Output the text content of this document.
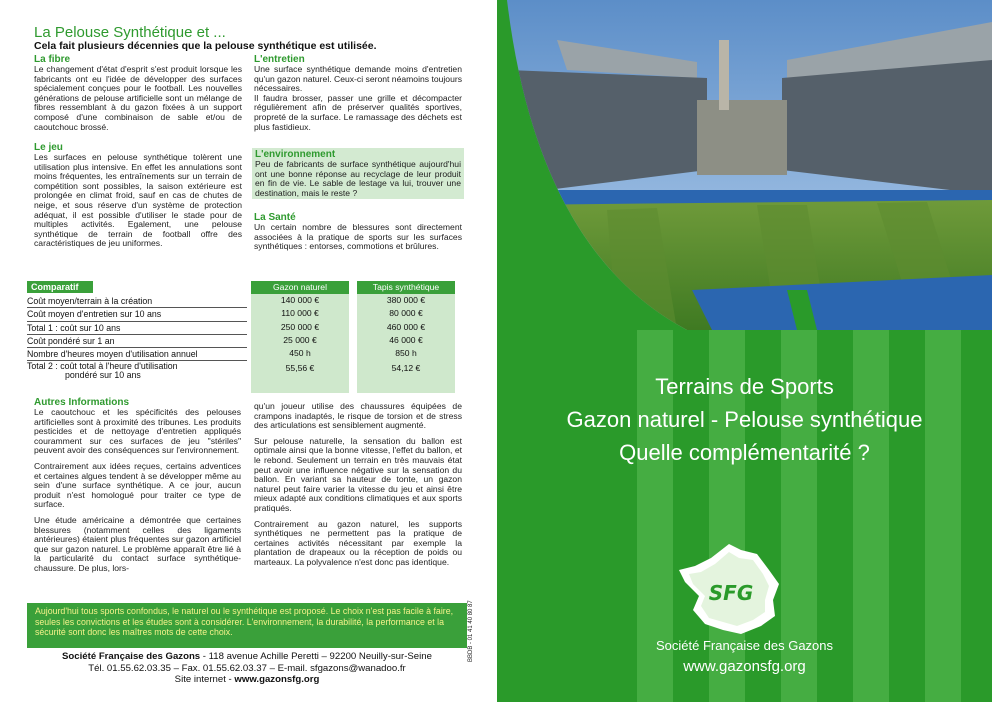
La Pelouse Synthétique et ...
Cela fait plusieurs décennies que la pelouse synthétique est utilisée.
La fibre
Le changement d'état d'esprit s'est produit lorsque les fabricants ont eu l'idée de développer des surfaces spécialement conçues pour le football. Les nouvelles générations de pelouse artificielle sont un mélange de fibres ressemblant à du gazon fixées à un support composé d'une combinaison de sable et/ou de caoutchouc brossé.
Le jeu
Les surfaces en pelouse synthétique tolèrent une utilisation plus intensive. En effet les annulations sont moins fréquentes, les entraînements sur un terrain de compétition sont possibles, la saison extérieure est prolongée en climat froid, sauf en cas de chutes de neige, et sous réserve d'un système de protection adéquat, il est possible d'utiliser le stade pour de multiples activités. Egalement, une pelouse synthétique de terrain de football offre des caractéristiques de jeu uniformes.
L'entretien
Une surface synthétique demande moins d'entretien qu'un gazon naturel. Ceux-ci seront néamoins toujours nécessaires.
Il faudra brosser, passer une grille et décompacter régulièrement afin de préserver qualités sportives, propreté de la surface. Le ramassage des déchets est plus fastidieux.
L'environnement
Peu de fabricants de surface synthétique aujourd'hui ont une bonne réponse au recyclage de leur produit en fin de vie. Le sable de lestage va lui, trouver une destination, mais le reste ?
La Santé
Un certain nombre de blessures sont directement associées à la pratique de sports sur les surfaces synthétiques : entorses, commotions et brûlures.
Comparatif
Coût moyen/terrain à la création
Coût moyen d'entretien sur 10 ans
Total 1 : coût sur 10 ans
Coût pondéré sur 1 an
Nombre d'heures moyen d'utilisation annuel
Total 2 : coût total à l'heure d'utilisation
pondéré sur 10 ans
Gazon naturel
140 000 €
110 000 €
250 000 €
25 000 €
450 h
55,56 €
Tapis synthétique
380 000 €
80 000 €
460 000 €
46 000 €
850 h
54,12 €
Autres Informations
Le caoutchouc et les spécificités des pelouses artificielles sont à proximité des tribunes. Les produits pesticides et de nettoyage d'entretien appliqués couramment sur ces surfaces de jeu "stériles" peuvent avoir des conséquences sur l'environnement.
Contrairement aux idées reçues, certains adventices et certaines algues tendent à se développer même au sein d'une surface synthétique. A ce jour, aucun produit n'est homologué pour traiter ce type de surface.
Une étude américaine a démontrée que certaines blessures (notamment celles des ligaments antérieures) étaient plus fréquentes sur gazon artificiel que sur gazon naturel. Le problème apparaît être lié à la particularité du contact surface synthétique-chaussure. De plus, lors-
qu'un joueur utilise des chaussures équipées de crampons inadaptés, le risque de torsion et de stress des articulations est sensiblement augmenté.
Sur pelouse naturelle, la sensation du ballon est optimale ainsi que la bonne vitesse, l'effet du ballon, et le rebond. Seulement un terrain en très mauvais état peut avoir une influence négative sur la sensation du ballon. En variant sa hauteur de tonte, un gazon naturel peut faire varier la vitesse du jeu et ainsi être mieux adapté aux conditions climatiques et aux sports pratiqués.
Contrairement au gazon naturel, les supports synthétiques ne permettent pas la pratique de certaines activités nécessitant par exemple la plantation de drapeaux ou la réception de poids ou marteaux. La polyvalence n'est donc pas identique.
Aujourd'hui tous sports confondus, le naturel ou le synthétique est proposé. Le choix n'est pas facile à faire, seules les convictions et les études sont à considérer. L'environnement, la durabilité, la performance et la sécurité sont donc les maîtres mots de cette choix.
Société Française des Gazons - 118 avenue Achille Peretti – 92200 Neuilly-sur-Seine
Tél. 01.55.62.03.35 – Fax. 01.55.62.03.37 – E-mail. sfgazons@wanadoo.fr
Site internet - www.gazonsfg.org
BBDB - 01 41 40 80 87
Terrains de Sports
Gazon naturel - Pelouse synthétique
Quelle complémentarité ?
SFG
Société Française des Gazons
www.gazonsfg.org
